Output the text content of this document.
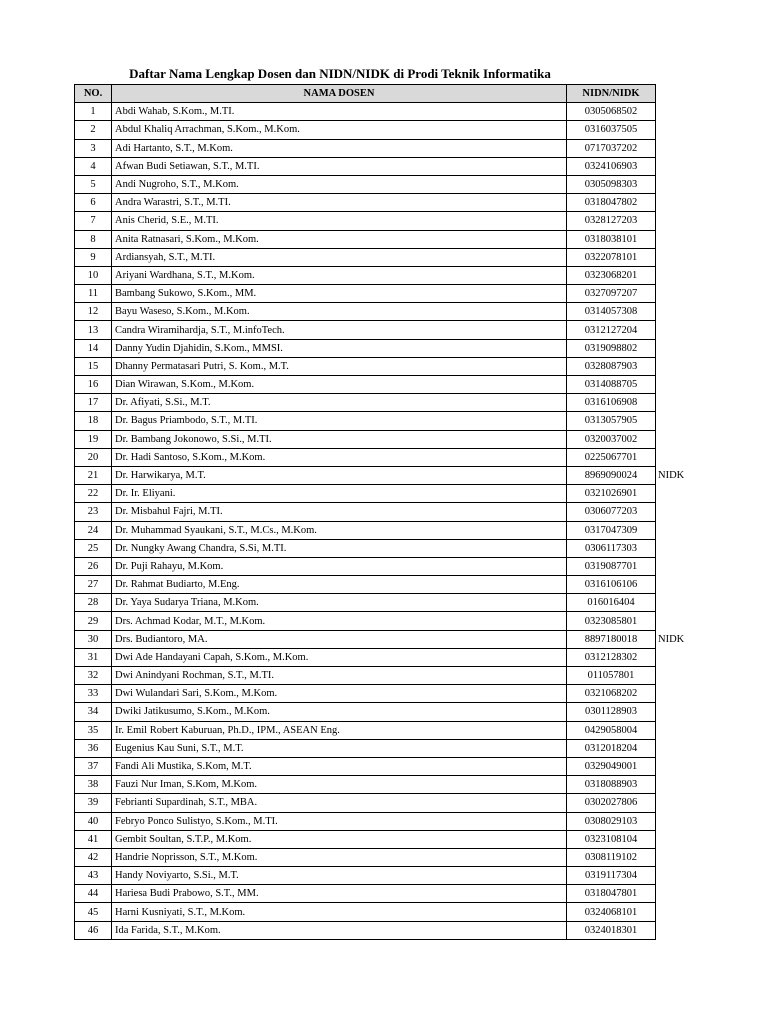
Daftar Nama Lengkap Dosen dan NIDN/NIDK di Prodi Teknik Informatika
NO.	NAMA DOSEN	NIDN/NIDK
1	Abdi Wahab, S.Kom., M.TI.	0305068502
2	Abdul Khaliq Arrachman, S.Kom., M.Kom.	0316037505
3	Adi Hartanto, S.T., M.Kom.	0717037202
4	Afwan Budi Setiawan, S.T., M.TI.	0324106903
5	Andi Nugroho, S.T., M.Kom.	0305098303
6	Andra Warastri, S.T., M.TI.	0318047802
7	Anis Cherid, S.E., M.TI.	0328127203
8	Anita Ratnasari, S.Kom., M.Kom.	0318038101
9	Ardiansyah, S.T., M.TI.	0322078101
10	Ariyani Wardhana, S.T., M.Kom.	0323068201
11	Bambang Sukowo, S.Kom., MM.	0327097207
12	Bayu Waseso, S.Kom., M.Kom.	0314057308
13	Candra Wiramihardja, S.T., M.infoTech.	0312127204
14	Danny Yudin Djahidin, S.Kom., MMSI.	0319098802
15	Dhanny Permatasari Putri, S. Kom., M.T.	0328087903
16	Dian Wirawan, S.Kom., M.Kom.	0314088705
17	Dr. Afiyati, S.Si., M.T.	0316106908
18	Dr. Bagus Priambodo, S.T., M.TI.	0313057905
19	Dr. Bambang Jokonowo, S.Si., M.TI.	0320037002
20	Dr. Hadi Santoso, S.Kom., M.Kom.	0225067701
21	Dr. Harwikarya, M.T.	8969090024 NIDK

22	Dr. Ir. Eliyani.	0321026901
23	Dr. Misbahul Fajri, M.TI.	0306077203
24	Dr. Muhammad Syaukani, S.T., M.Cs., M.Kom.	0317047309
25	Dr. Nungky Awang Chandra, S.Si, M.TI.	0306117303
26	Dr. Puji Rahayu, M.Kom.	0319087701
27	Dr. Rahmat Budiarto, M.Eng.	0316106106
28	Dr. Yaya Sudarya Triana, M.Kom.	016016404
29	Drs. Achmad Kodar, M.T., M.Kom.	0323085801
30	Drs. Budiantoro, MA.	8897180018 NIDK

31	Dwi Ade Handayani Capah, S.Kom., M.Kom.	0312128302
32	Dwi Anindyani Rochman, S.T., M.TI.	011057801
33	Dwi Wulandari Sari, S.Kom., M.Kom.	0321068202
34	Dwiki Jatikusumo, S.Kom., M.Kom.	0301128903
35	Ir. Emil Robert Kaburuan, Ph.D., IPM., ASEAN Eng.	0429058004
36	Eugenius Kau Suni, S.T., M.T.	0312018204
37	Fandi Ali Mustika, S.Kom, M.T.	0329049001
38	Fauzi Nur Iman, S.Kom, M.Kom.	0318088903
39	Febrianti Supardinah, S.T., MBA.	0302027806
40	Febryo Ponco Sulistyo, S.Kom., M.TI.	0308029103
41	Gembit Soultan, S.T.P., M.Kom.	0323108104
42	Handrie Noprisson, S.T., M.Kom.	0308119102
43	Handy Noviyarto, S.Si., M.T.	0319117304
44	Hariesa Budi Prabowo, S.T., MM.	0318047801
45	Harni Kusniyati, S.T., M.Kom.	0324068101
46	Ida Farida, S.T., M.Kom.	0324018301
